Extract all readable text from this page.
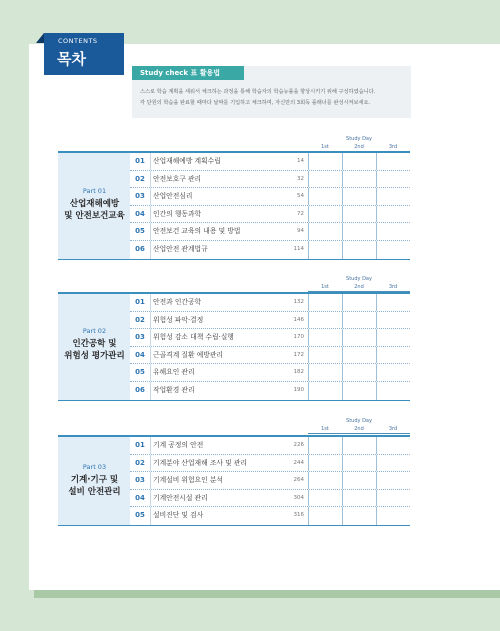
CONTENTS
목차
Study check 표 활용법
스스로 학습 계획을 세워서 체크하는 과정을 통해 학습자의 학습능률을 향상시키기 위해 구성하였습니다.
각 단원의 학습을 완료할 때마다 날짜를 기입하고 체크하며, 자신만의 3회독 플래너를 완성시켜보세요.
Study Day
1st	2nd	3rd
Part 01
산업재해예방
및 안전보건교육
01	산업재해예방 계획수립	14
02	안전보호구 관리	32
03	산업안전심리	54
04	인간의 행동과학	72
05	안전보건 교육의 내용 및 방법	94
06	산업안전 관계법규	114
Study Day
1st	2nd	3rd
Part 02
인간공학 및
위험성 평가관리
01	안전과 인간공학	132
02	위험성 파악·결정	146
03	위험성 감소 대책 수립·실행	170
04	근골격계 질환 예방관리	172
05	유해요인 관리	182
06	작업환경 관리	190
Study Day
1st	2nd	3rd
Part 03
기계·기구 및
설비 안전관리
01	기계 공정의 안전	226
02	기계분야 산업재해 조사 및 관리	244
03	기계설비 위험요인 분석	264
04	기계안전시설 관리	304
05	설비진단 및 검사	316
